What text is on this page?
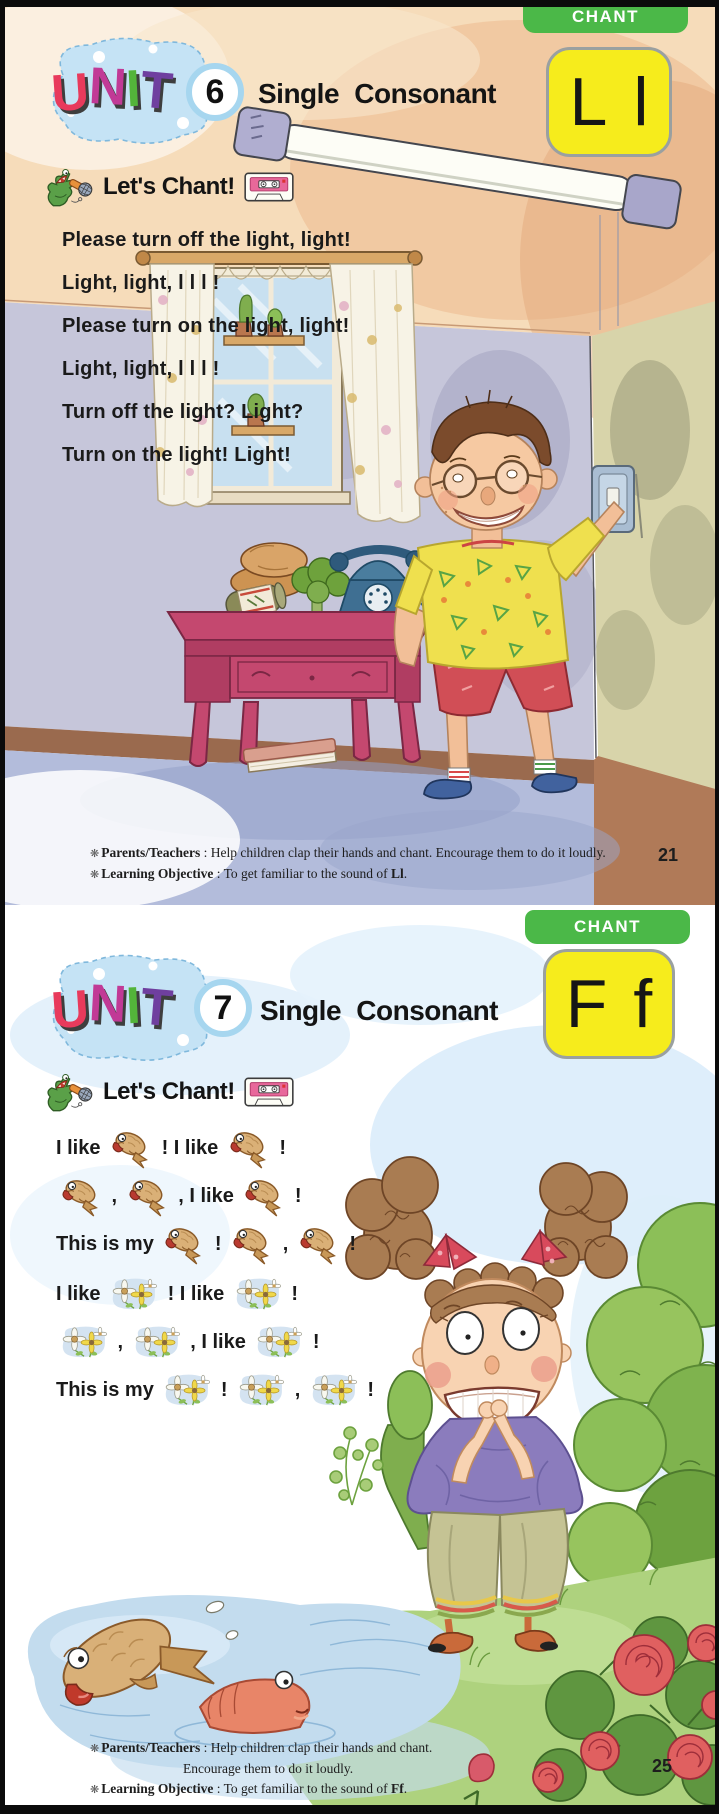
CHANT
U
N
I
T 6 Single Consonant L l
Let's Chant!
Please turn off the light, light!
Light, light, l l l !
Please turn on the light, light!
Light, light, l l l !
Turn off the light? Light?
Turn on the light! Light!
❋ Parents/Teachers : Help children clap their hands and chant. Encourage them to do it loudly.
❋ Learning Objective : To get familiar to the sound of Ll.
21
CHANT
U
N
I
T 7 Single Consonant F f
Let's Chant!
I like	! I like	!
,	, I like	!
This is my	!	,	!
I like	! I like	!
,	, I like	!
This is my	!	,	!
❋ Parents/Teachers : Help children clap their hands and chant.
Encourage them to do it loudly.
❋ Learning Objective : To get familiar to the sound of Ff.
25
